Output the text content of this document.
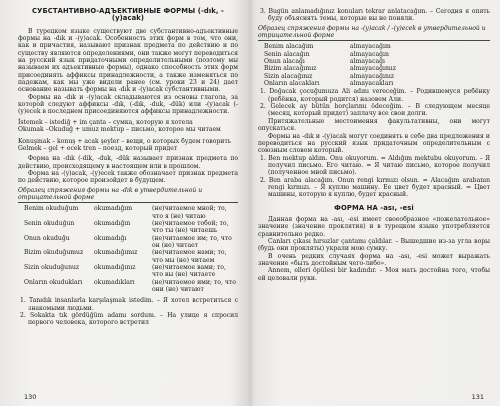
СУБСТАНТИВНО-АДЪЕКТИВНЫЕ ФОРМЫ (-dık, -(y)acak)

В турецком языке существуют две субстантивно-адъективные формы на -dık и -(y)acak. Особенность этих форм в том, что они, как и причастия, называют признак предмета по действию и по существу являются определениями, они также могут переводиться на русский язык придаточными определительными (поэтому мы называем их адъективные формы), однако способность этих форм присоединять аффиксы принадлежности, а также изменяться по падежам, как мы уже видели ранее (см. уроки 23 и 24) дает основание называть формы на -dık и -(y)acak субстантивными.

Формы на -dık и -(y)acak складываются из основы глагола, за которой следуют аффиксы -dık, (-dık, -duk, -dük) или -(y)acak (-(y)ecek в последнем присоединяются аффиксы принадлежности.

İstemek – istediğ + im çanta – сумка, которую я хотела

Okumak –Okuduğ + umuz mektup – письмо, которое мы читаем

Konuşmak – konuş + acak şeyler – вещи, о которых будем говорить

Gelmek – gel + ecek tren – поезд, который придет

Форма на -dık (-dik, -duk, -dük называет признак предмета по действию, происходящему в настоящем или в прошлом.

Форма на -(y)acak, -(y)ecek также обозначает признак предмета по действию, которое произойдет в будущем.

Образец спряжения формы на -dık в утвердительной и отрицательной форме
Benim okuduğum	okumadığım	(не)читаемое мной; то, что я (не) читаю
Senin okuduğun	okumadığın	(не)читаемое тобой; то, что ты (не) читаешь
Onun okuduğu	okumadığı	(не)читаемое им; то, что он (не) читает
Bizim okuduğumuz	okumadığımız	(не)читаемое нами; то, что мы (не) читаем
Sizin okuduğunuz	okumadığınız	(не)читаемое вами; то, что вы (не) читаете
Onların okudukları	okumadıkları	(не)читаемое ими; то, что они (не) читают

1. Tanıdık insanlarla karşılaşmak istedim. – Я хотел встретиться с знакомыми людьми.

2. Sokakta tık gördüğüm adamı sordum. – На улице я спросил первого человека, которого встретил

130

3. Bugün anlamadığınız konuları tekrar anlatacağım. – Сегодня я опять буду объяснять темы, которые вы не поняли.

Образец спряжения формы на -(y)acak / -(y)ecek в утвердительной и отрицательной форме
Benim alacağım	almayacağım
Senin alacağın	almayacağın
Onun alacağı	almayacağı
Bizim alacağımız	almayacağımız
Sizin alacağınız	almayacağınız
Onların alacakları	almayacakları

1. Doğacak çocuğumuza Ali adını vereceğim. – Родившемуся ребёнку (ребёнка, который родится) назовем Али.

2. Gelecek ay bütün borçlarımı ödeceğim. – В следующем месяце (месяц, который придет) заплачу все свои долги.

Притяжательные местоимения факультативны, они могут опускаться.

Формы на -dık и -(y)acak могут соединять в себе два предложения и переводиться на русский язык придаточным определительным с союзным словом который.

1. Ben mektup aldım. Onu okuyorum. = Aldığım mektubu okuyorum. – Я получил письмо. Его читаю. = Я читаю письмо, которое получил (полученное мной письмо).

2. Ben araba alacağım. Onun rengi kırmızı olsun. = Alacağım arabanın rengi kırmızı. – Я куплю машину. Ее цвет будет красный. = Цвет машины, которую я куплю, будет красный.

ФОРМА НА -ası, -esi

Данная форма на -ası, -esi имеет своеобразное «пожелательное» значение (значение проклятия) и в турецком языке употребляется сравнительно редко.

Canları çıkası hırsızlar çantamı çaldılar. – Вышедшие из-за угла воры (будь они прокляты) украли мою сумку.

В очень редких случаях форма на -ası, -esi может выражать значение «быть достойным чего-либо».

Annem, elleri öpülesi bir kadındır. – Моя мать достойна того, чтобы ей целовали руки.

131
